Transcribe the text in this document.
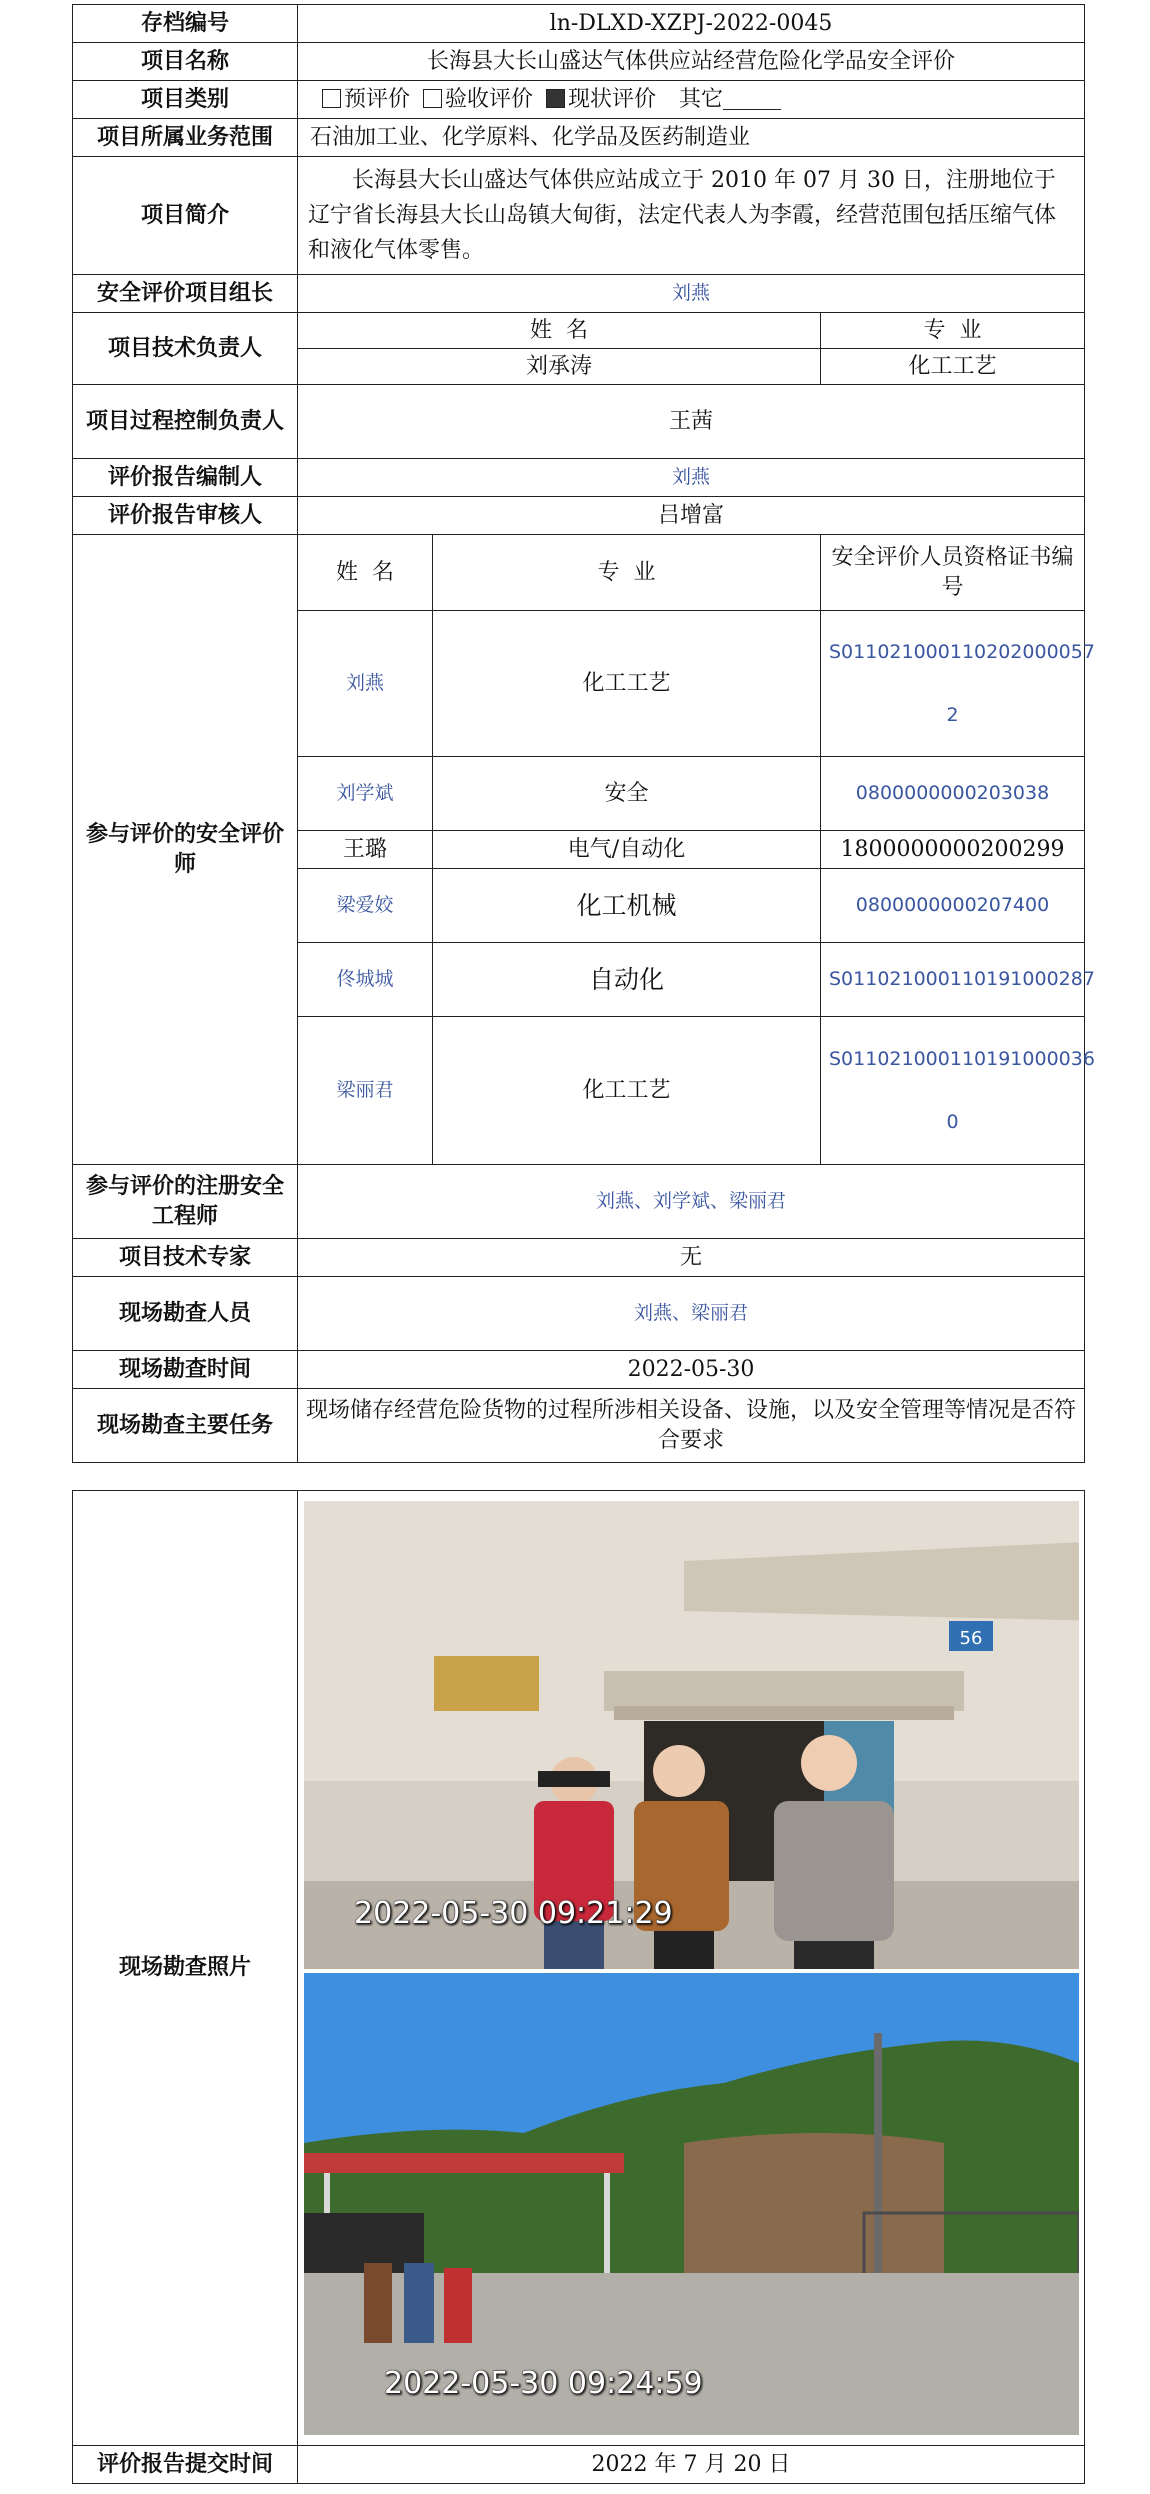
存档编号	ln-DLXD-XZPJ-2022-0045		
项目名称	长海县大长山盛达气体供应站经营危险化学品安全评价		
项目类别	预评价 验收评价 现状评价 其它		
项目所属业务范围	石油加工业、化学原料、化学品及医药制造业		
项目简介	长海县大长山盛达气体供应站成立于 2010 年 07 月 30 日，注册地位于辽宁省长海县大长山岛镇大甸街，法定代表人为李霞，经营范围包括压缩气体和液化气体零售。		
安全评价项目组长	刘燕		
项目技术负责人	姓  名		专  业
	刘承涛		化工工艺
项目过程控制负责人	王茜		
评价报告编制人	刘燕		
评价报告审核人	吕增富		
参与评价的安全评价师	姓  名	专  业	安全评价人员资格证书编号
	刘燕	化工工艺	S011021000110202000057
2
	刘学斌	安全	0800000000203038
	王璐	电气/自动化	1800000000200299
	梁爱姣	化工机械	0800000000207400
	佟城城	自动化	S011021000110191000287
	梁丽君	化工工艺	S011021000110191000036
0
参与评价的注册安全工程师	刘燕、刘学斌、梁丽君		
项目技术专家	无		
现场勘查人员	刘燕、梁丽君		
现场勘查时间	2022-05-30		
现场勘查主要任务	现场储存经营危险货物的过程所涉相关设备、设施，以及安全管理等情况是否符合要求		
现场勘查照片	56
2022-05-30 09:21:29
2022-05-30 09:24:59

评价报告提交时间	2022 年 7 月 20 日
